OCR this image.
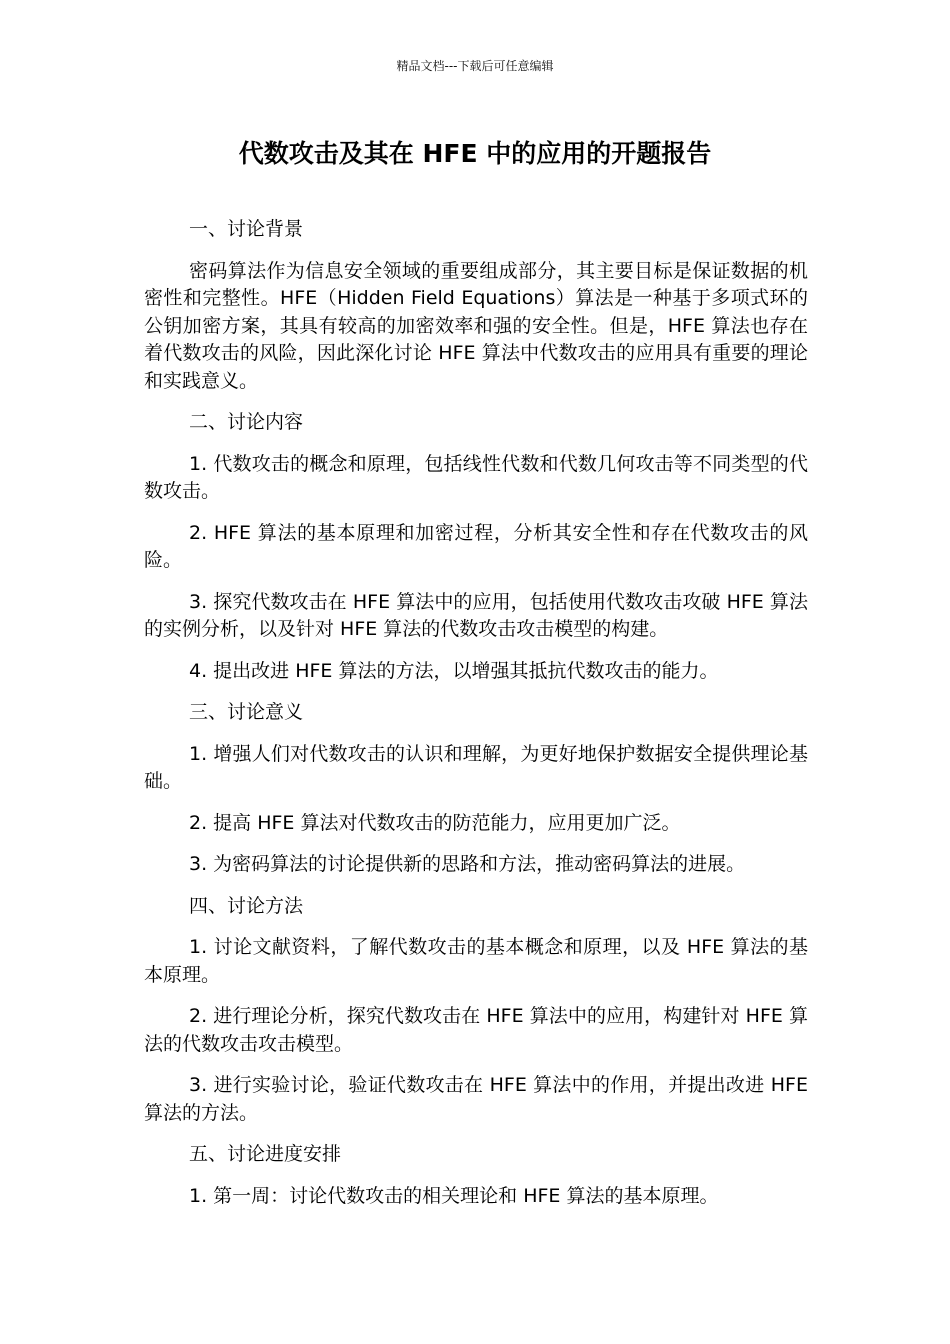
精品文档---下载后可任意编辑
代数攻击及其在 HFE 中的应用的开题报告

一、讨论背景

密码算法作为信息安全领域的重要组成部分，其主要目标是保证数据的机密性和完整性。HFE（Hidden Field Equations）算法是一种基于多项式环的公钥加密方案，其具有较高的加密效率和强的安全性。但是，HFE 算法也存在着代数攻击的风险，因此深化讨论 HFE 算法中代数攻击的应用具有重要的理论和实践意义。

二、讨论内容

1. 代数攻击的概念和原理，包括线性代数和代数几何攻击等不同类型的代数攻击。

2. HFE 算法的基本原理和加密过程，分析其安全性和存在代数攻击的风险。

3. 探究代数攻击在 HFE 算法中的应用，包括使用代数攻击攻破 HFE 算法的实例分析，以及针对 HFE 算法的代数攻击攻击模型的构建。

4. 提出改进 HFE 算法的方法，以增强其抵抗代数攻击的能力。

三、讨论意义

1. 增强人们对代数攻击的认识和理解，为更好地保护数据安全提供理论基础。

2. 提高 HFE 算法对代数攻击的防范能力，应用更加广泛。

3. 为密码算法的讨论提供新的思路和方法，推动密码算法的进展。

四、讨论方法

1. 讨论文献资料，了解代数攻击的基本概念和原理，以及 HFE 算法的基本原理。

2. 进行理论分析，探究代数攻击在 HFE 算法中的应用，构建针对 HFE 算法的代数攻击攻击模型。

3. 进行实验讨论，验证代数攻击在 HFE 算法中的作用，并提出改进 HFE 算法的方法。

五、讨论进度安排

1. 第一周：讨论代数攻击的相关理论和 HFE 算法的基本原理。
